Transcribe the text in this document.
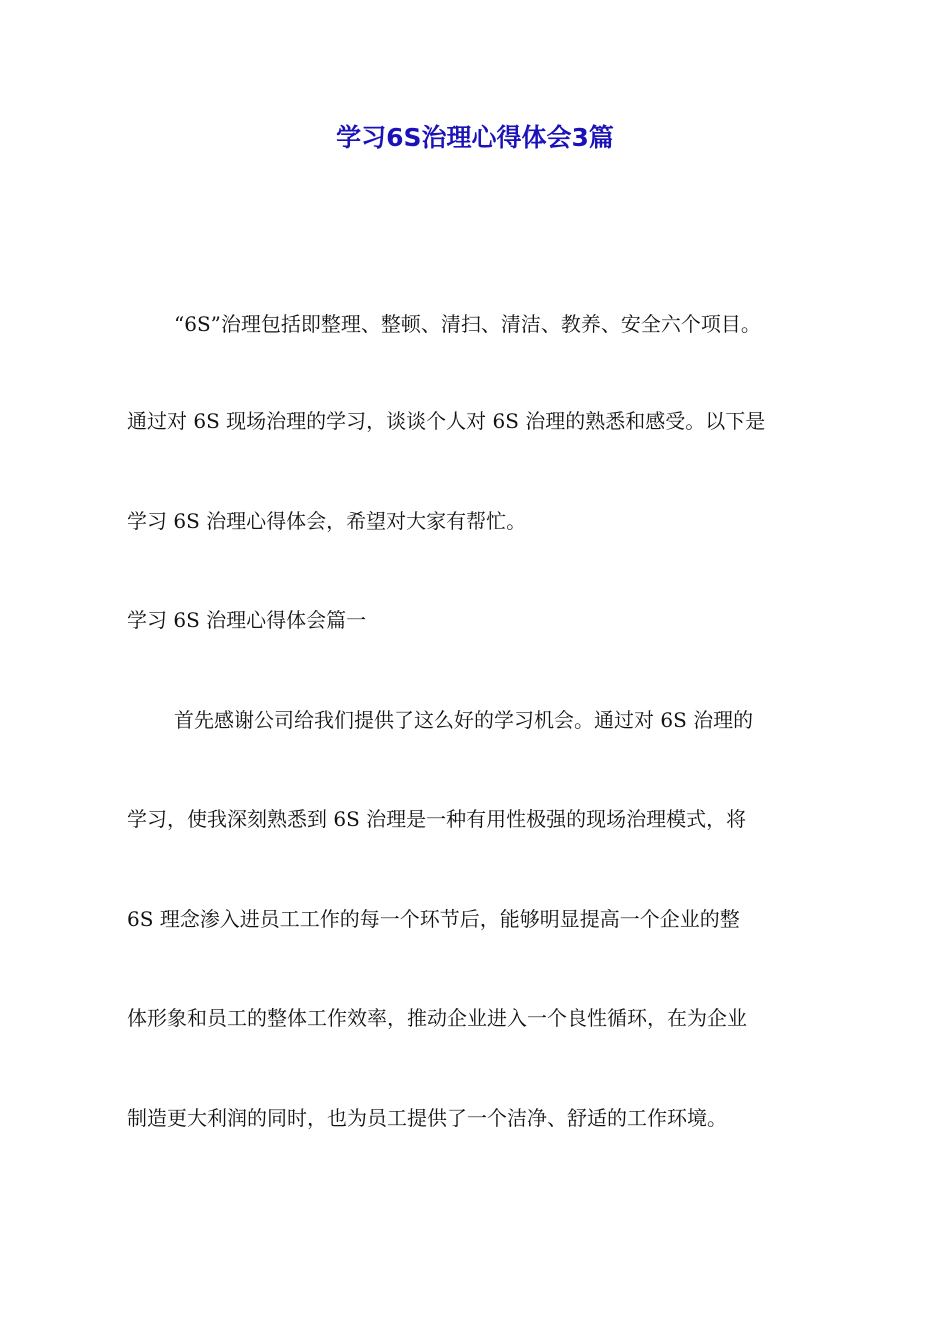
学习6S治理心得体会3篇

“6S”治理包括即整理、整顿、清扫、清洁、教养、安全六个项目。

通过对 6S 现场治理的学习，谈谈个人对 6S 治理的熟悉和感受。以下是

学习 6S 治理心得体会，希望对大家有帮忙。

学习 6S 治理心得体会篇一

首先感谢公司给我们提供了这么好的学习机会。通过对 6S 治理的

学习，使我深刻熟悉到 6S 治理是一种有用性极强的现场治理模式，将

6S 理念渗入进员工工作的每一个环节后，能够明显提高一个企业的整

体形象和员工的整体工作效率，推动企业进入一个良性循环，在为企业

制造更大利润的同时，也为员工提供了一个洁净、舒适的工作环境。
